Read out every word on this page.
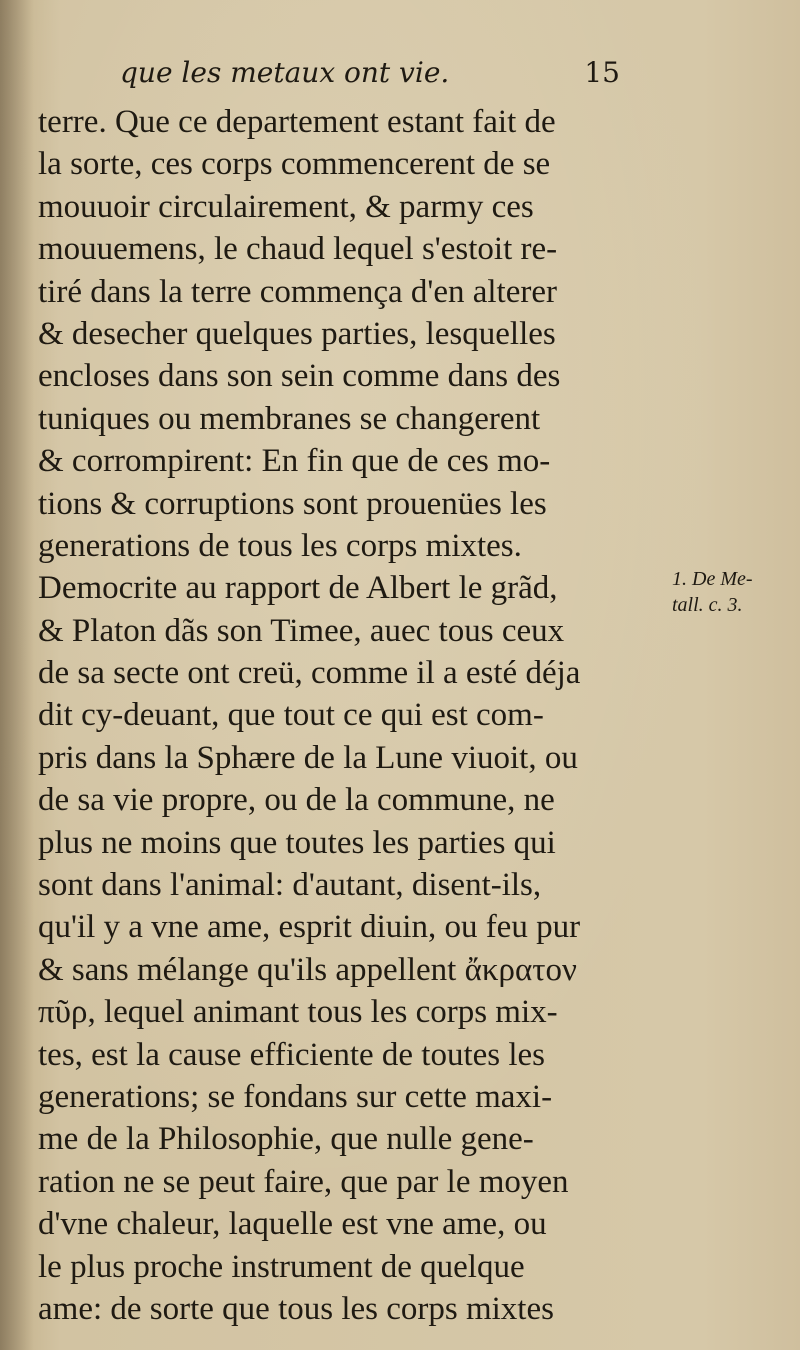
que les metaux ont vie.	15
terre. Que ce departement estant fait de
la sorte, ces corps commencerent de se
mouuoir circulairement, & parmy ces
mouuemens, le chaud lequel s'estoit re-
tiré dans la terre commença d'en alterer
& desecher quelques parties, lesquelles
encloses dans son sein comme dans des
tuniques ou membranes se changerent
& corrompirent: En fin que de ces mo-
tions & corruptions sont prouenües les
generations de tous les corps mixtes.
Democrite au rapport de Albert le grãd,
& Platon dãs son Timee, auec tous ceux
de sa secte ont creü, comme il a esté déja
dit cy-deuant, que tout ce qui est com-
pris dans la Sphære de la Lune viuoit, ou
de sa vie propre, ou de la commune, ne
plus ne moins que toutes les parties qui
sont dans l'animal: d'autant, disent-ils,
qu'il y a vne ame, esprit diuin, ou feu pur
& sans mélange qu'ils appellent ἄκρατον
πῦρ, lequel animant tous les corps mix-
tes, est la cause efficiente de toutes les
generations; se fondans sur cette maxi-
me de la Philosophie, que nulle gene-
ration ne se peut faire, que par le moyen
d'vne chaleur, laquelle est vne ame, ou
le plus proche instrument de quelque
ame: de sorte que tous les corps mixtes
1. De Me-
tall. c. 3.
